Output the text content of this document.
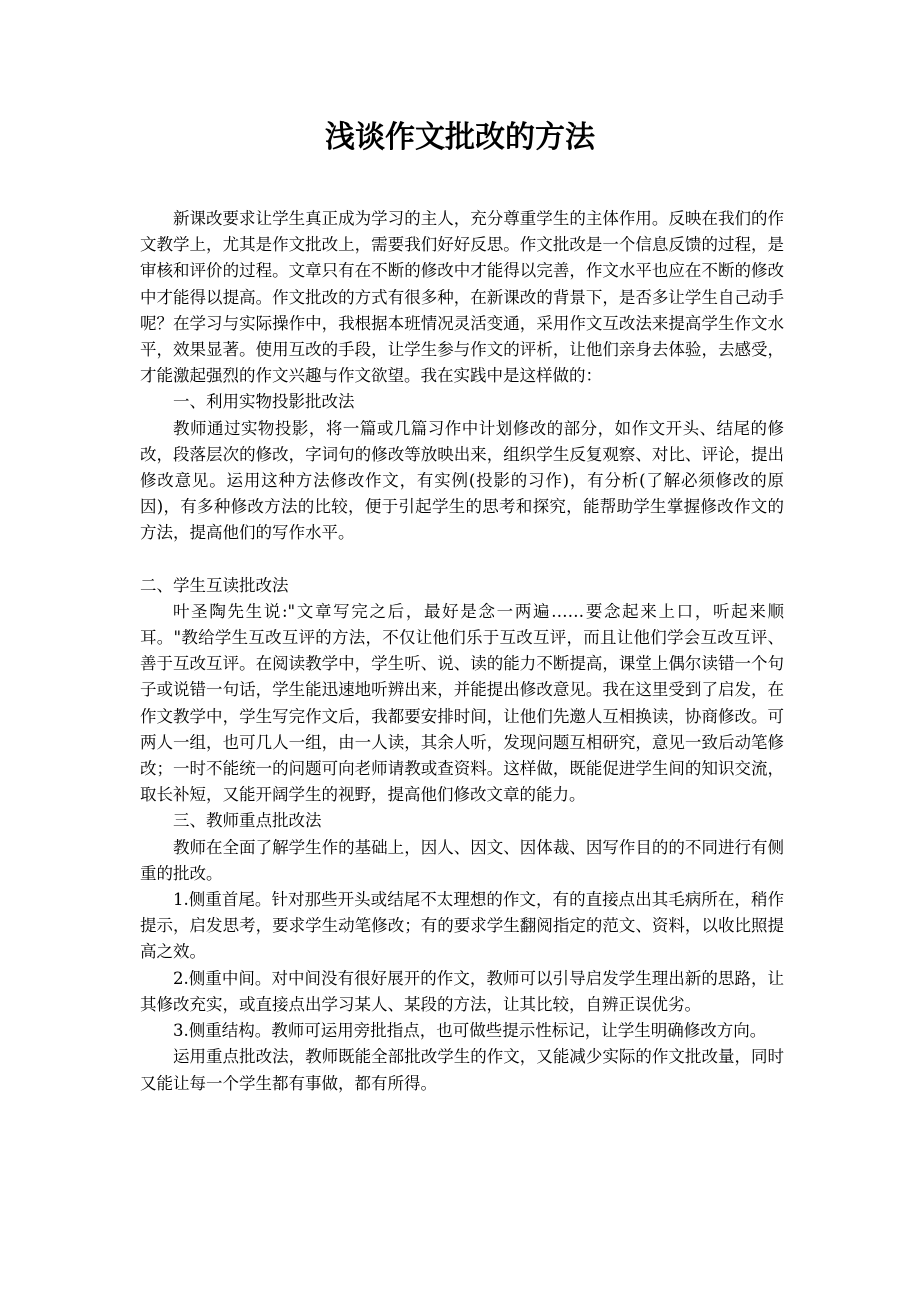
浅谈作文批改的方法

新课改要求让学生真正成为学习的主人，充分尊重学生的主体作用。反映在我们的作文教学上，尤其是作文批改上，需要我们好好反思。作文批改是一个信息反馈的过程，是审核和评价的过程。文章只有在不断的修改中才能得以完善，作文水平也应在不断的修改中才能得以提高。作文批改的方式有很多种，在新课改的背景下，是否多让学生自己动手呢？在学习与实际操作中，我根据本班情况灵活变通，采用作文互改法来提高学生作文水平，效果显著。使用互改的手段，让学生参与作文的评析，让他们亲身去体验，去感受，才能激起强烈的作文兴趣与作文欲望。我在实践中是这样做的：

一、利用实物投影批改法

教师通过实物投影，将一篇或几篇习作中计划修改的部分，如作文开头、结尾的修改，段落层次的修改，字词句的修改等放映出来，组织学生反复观察、对比、评论，提出修改意见。运用这种方法修改作文，有实例(投影的习作)，有分析(了解必须修改的原因)，有多种修改方法的比较，便于引起学生的思考和探究，能帮助学生掌握修改作文的方法，提高他们的写作水平。

二、学生互读批改法

叶圣陶先生说:"文章写完之后，最好是念一两遍……要念起来上口，听起来顺耳。"教给学生互改互评的方法，不仅让他们乐于互改互评，而且让他们学会互改互评、善于互改互评。在阅读教学中，学生听、说、读的能力不断提高，课堂上偶尔读错一个句子或说错一句话，学生能迅速地听辨出来，并能提出修改意见。我在这里受到了启发，在作文教学中，学生写完作文后，我都要安排时间，让他们先邀人互相换读，协商修改。可两人一组，也可几人一组，由一人读，其余人听，发现问题互相研究，意见一致后动笔修改；一时不能统一的问题可向老师请教或查资料。这样做，既能促进学生间的知识交流，取长补短，又能开阔学生的视野，提高他们修改文章的能力。

三、教师重点批改法

教师在全面了解学生作的基础上，因人、因文、因体裁、因写作目的的不同进行有侧重的批改。

1.侧重首尾。针对那些开头或结尾不太理想的作文，有的直接点出其毛病所在，稍作提示，启发思考，要求学生动笔修改；有的要求学生翻阅指定的范文、资料，以收比照提高之效。

2.侧重中间。对中间没有很好展开的作文，教师可以引导启发学生理出新的思路，让其修改充实，或直接点出学习某人、某段的方法，让其比较，自辨正误优劣。

3.侧重结构。教师可运用旁批指点，也可做些提示性标记，让学生明确修改方向。

运用重点批改法，教师既能全部批改学生的作文，又能减少实际的作文批改量，同时又能让每一个学生都有事做，都有所得。
